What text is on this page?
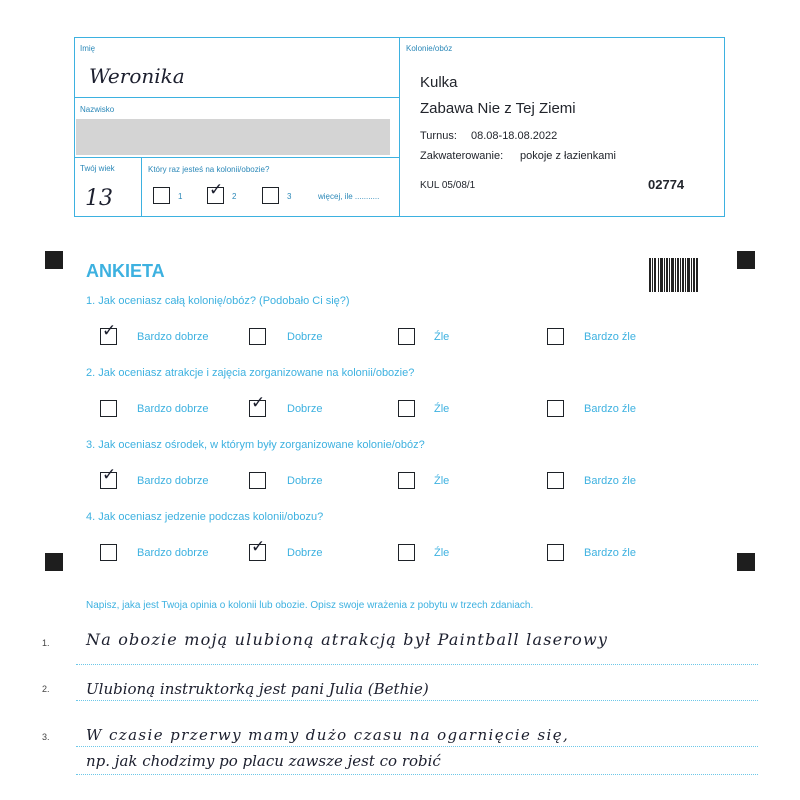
Imię
Weronika
Nazwisko
Twój wiek
13
Który raz jesteś na kolonii/obozie?
1 ✓ 2	3	więcej, ile ...........
Kolonie/obóz
Kulka
Zabawa Nie z Tej Ziemi
Turnus: 08.08-18.08.2022
Zakwaterowanie: pokoje z łazienkami
KUL 05/08/1	02774
ANKIETA
1. Jak oceniasz całą kolonię/obóz? (Podobało Ci się?)
✓ Bardzo dobrze	Dobrze	Źle	Bardzo źle
2. Jak oceniasz atrakcje i zajęcia zorganizowane na kolonii/obozie?
Bardzo dobrze ✓ Dobrze	Źle	Bardzo źle
3. Jak oceniasz ośrodek, w którym były zorganizowane kolonie/obóz?
✓ Bardzo dobrze	Dobrze	Źle	Bardzo źle
4. Jak oceniasz jedzenie podczas kolonii/obozu?
Bardzo dobrze ✓ Dobrze	Źle	Bardzo źle
Napisz, jaka jest Twoja opinia o kolonii lub obozie. Opisz swoje wrażenia z pobytu w trzech zdaniach.
1.
2.
3.
Na obozie moją ulubioną atrakcją był Paintball laserowy
Ulubioną instruktorką jest pani Julia (Bethie)
W czasie przerwy mamy dużo czasu na ogarnięcie się,
np. jak chodzimy po placu zawsze jest co robić
